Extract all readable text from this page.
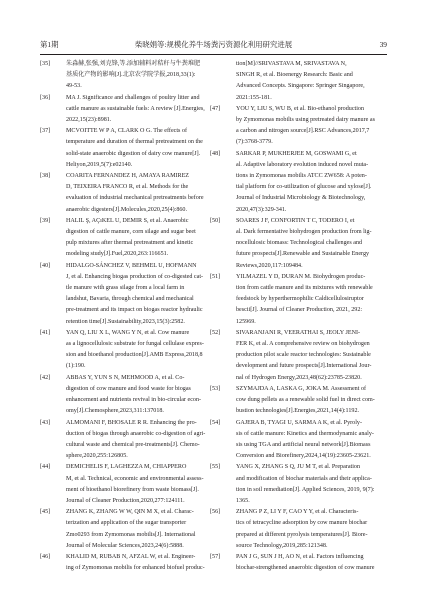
第1期	柴晓娟等:规模化养牛场粪污资源化利用研究进展	39
[35]	朱淼赫,张强,刘克锋,等.添加辅料对秸秆与牛粪堆肥
基质化产物的影响[J].北京农学院学报,2018,33(1):
49-53.
[36]	MA J. Significance and challenges of poultry litter and
cattle manure as sustainable fuels: A review [J].Energies,
2022,15(23):8981.
[37]	MCVOITTE W P A, CLARK O G. The effects of
temperature and duration of thermal pretreatment on the
solid-state anaerobic digestion of dairy cow manure[J].
Heliyon,2019,5(7):e02140.
[38]	COARITA FERNANDEZ H, AMAYA RAMIREZ
D, TEIXEIRA FRANCO R, et al. Methods for the
evaluation of industrial mechanical pretreatments before
anaerobic digesters[J].Molecules,2020,25(4):860.
[39]	HALIL Ş, AÇıKEL U, DEMIR S, et al. Anaerobic
digestion of cattle manure, corn silage and sugar beet
pulp mixtures after thermal pretreatment and kinetic
modeling study[J].Fuel,2020,263:116651.
[40]	HIDALGO-SÁNCHEZ V, BEHMEL U, HOFMANN
J, et al. Enhancing biogas production of co-digested cat-
tle manure with grass silage from a local farm in
landshut, Bavaria, through chemical and mechanical
pre-treatment and its impact on biogas reactor hydraulic
retention time[J].Sustainability,2023,15(3):2582.
[41]	YAN Q, LIU X L, WANG Y N, et al. Cow manure
as a lignocellulosic substrate for fungal cellulase expres-
sion and bioethanol production[J].AMB Express,2018,8
(1):190.
[42]	ABBAS Y, YUN S N, MEHMOOD A, et al. Co-
digestion of cow manure and food waste for biogas
enhancement and nutrients revival in bio-circular econ-
omy[J].Chemosphere,2023,311:137018.
[43]	ALMOMANI F, BHOSALE R R. Enhancing the pro-
duction of biogas through anaerobic co-digestion of agri-
cultural waste and chemical pre-treatments[J]. Chemo-
sphere,2020,255:126805.
[44]	DEMICHELIS F, LAGHEZZA M, CHIAPPERO
M, et al. Technical, economic and environmental assess-
ment of bioethanol biorefinery from waste biomass[J].
Journal of Cleaner Production,2020,277:124111.
[45]	ZHANG K, ZHANG W W, QIN M X, et al. Charac-
terization and application of the sugar transporter
Zmo0293 from Zymomonas mobilis[J]. International
Journal of Molecular Sciences,2023,24(6):5888.
[46]	KHALID M, RUBAB N, AFZAL W, et al. Engineer-
ing of Zymomonas mobilis for enhanced biofuel produc-
tion[M]//SRIVASTAVA M, SRIVASTAVA N,
SINGH R, et al. Bioenergy Research: Basic and
Advanced Concepts. Singapore: Springer Singapore,
2021:155-181.
[47]	YOU Y, LIU S, WU B, et al. Bio-ethanol production
by Zymomonas mobilis using pretreated dairy manure as
a carbon and nitrogen source[J].RSC Advances,2017,7
(7):3768-3779.
[48]	SARKAR P, MUKHERJEE M, GOSWAMI G, et
al. Adaptive laboratory evolution induced novel muta-
tions in Zymomonas mobilis ATCC ZW658: A poten-
tial platform for co-utilization of glucose and xylose[J].
Journal of Industrial Microbiology & Biotechnology,
2020,47(3):329-341.
[50]	SOARES J F, CONFORTIN T C, TODERO I, et
al. Dark fermentative biohydrogen production from lig-
nocellulosic biomass: Technological challenges and
future prospects[J].Renewable and Sustainable Energy
Reviews,2020,117:109484.
[51]	YILMAZEL Y D, DURAN M. Biohydrogen produc-
tion from cattle manure and its mixtures with renewable
feedstock by hyperthermophilic Caldicellulosiruptor
bescii[J]. Journal of Cleaner Production, 2021, 292:
125969.
[52]	SIVARANJANI R, VEERATHAI S, JEOLY JENI-
FER K, et al. A comprehensive review on biohydrogen
production pilot scale reactor technologies: Sustainable
development and future prospects[J].International Jour-
nal of Hydrogen Energy,2023,48(62):23785-23820.
[53]	SZYMAJDA A, LASKA G, JOKA M. Assessment of
cow dung pellets as a renewable solid fuel in direct com-
bustion technologies[J].Energies,2021,14(4):1192.
[54]	GAJERA B, TYAGI U, SARMA A K, et al. Pyroly-
sis of cattle manure: Kinetics and thermodynamic analy-
sis using TGA and artificial neural network[J].Biomass
Conversion and Biorefinery,2024,14(19):23605-23621.
[55]	YANG X, ZHANG S Q, JU M T, et al. Preparation
and modification of biochar materials and their applica-
tion in soil remediation[J]. Applied Sciences, 2019, 9(7):
1365.
[56]	ZHANG P Z, LI Y F, CAO Y Y, et al. Characteris-
tics of tetracycline adsorption by cow manure biochar
prepared at different pyrolysis temperatures[J]. Biore-
source Technology,2019,285:121348.
[57]	PAN J G, SUN J H, AO N, et al. Factors influencing
biochar-strengthened anaerobic digestion of cow manure
